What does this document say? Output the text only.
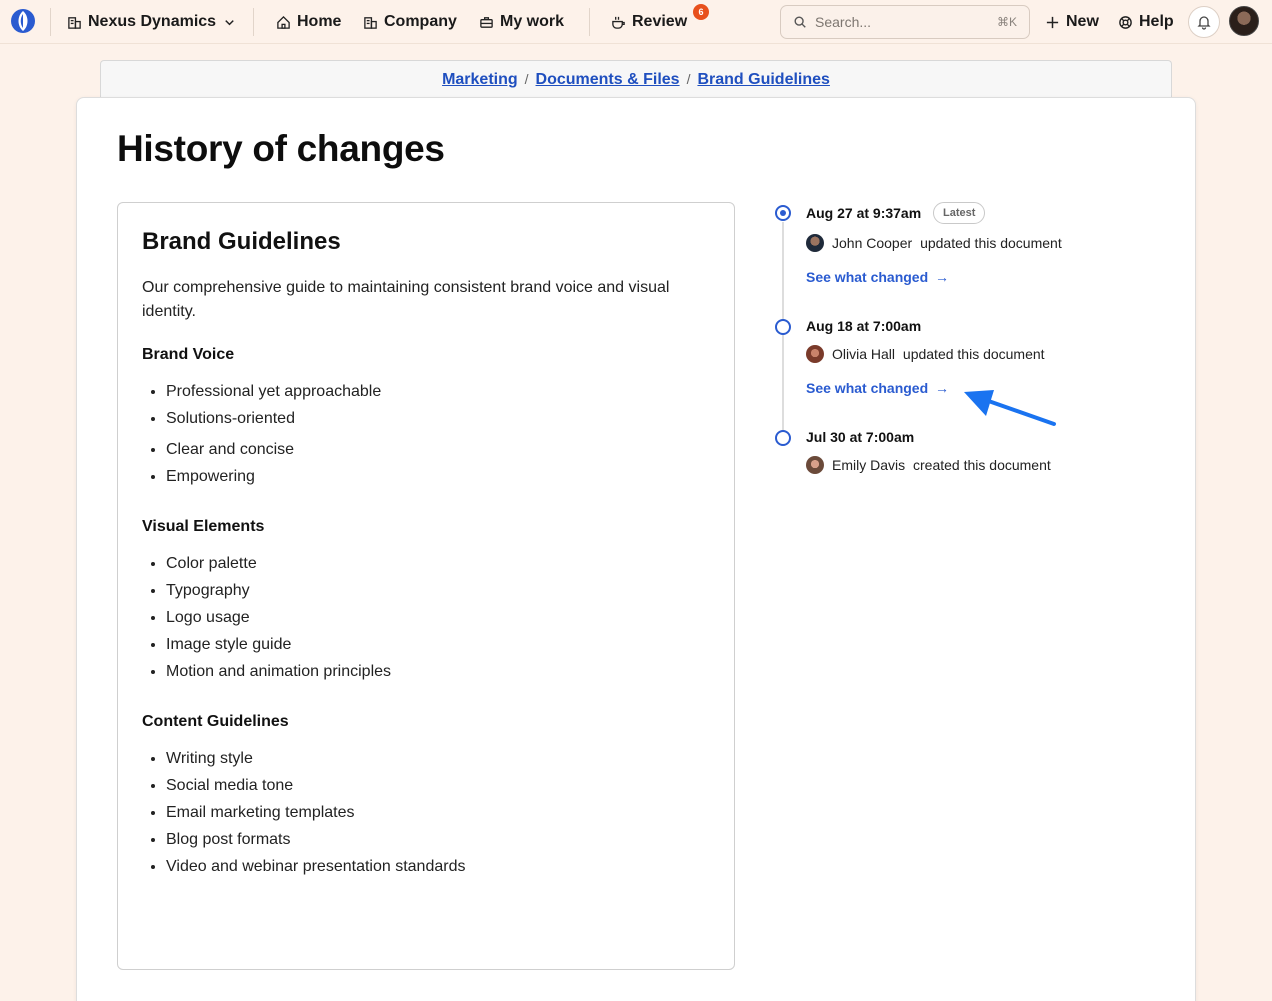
Nexus Dynamics	Home	Company	My work	Review
6
Search...	⌘K	New	Help
Marketing / Documents & Files / Brand Guidelines
History of changes
Brand Guidelines

Our comprehensive guide to maintaining consistent brand voice and visual identity.

Brand Voice
• Professional yet approachable
• Solutions-oriented
• Clear and concise
• Empowering
Visual Elements
• Color palette
• Typography
• Logo usage
• Image style guide
• Motion and animation principles
Content Guidelines
• Writing style
• Social media tone
• Email marketing templates
• Blog post formats
• Video and webinar presentation standards
Aug 27 at 9:37am	Latest
John Cooper updated this document
See what changed →
Aug 18 at 7:00am
Olivia Hall updated this document
See what changed →
Jul 30 at 7:00am
Emily Davis created this document
